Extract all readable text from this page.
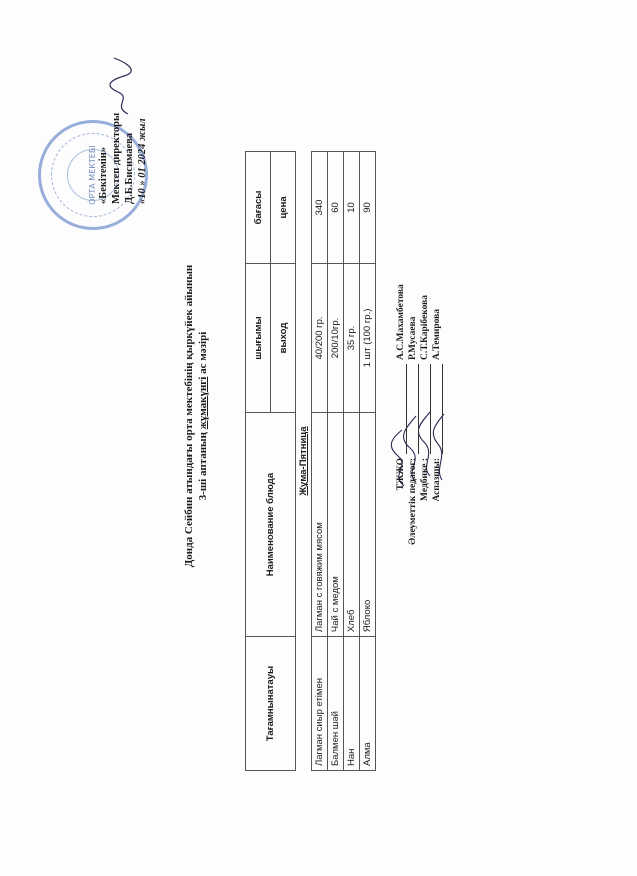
ОРТА МЕКТЕБІ «Бекітемін» Мектеп директоры Д.Б.Бисимаева «10 » 01 2024 жыл
Донда Сейбин атындағы орта мектебінің қыркүйек айынын 3-ші аптаның жұмакүнгі ас мәзірі
Тағамнынатауы	Наименование блюда	шығымы	бағасы
		выход	цена
Жұма-Пятница			
Лагман сиыр етімен	Лагман с говяжим мясом	40/200 гр.	340
Балмен шәй	Чай с медом	200/10гр.	60
Нан	Хлеб	35 гр.	10
Алма	Яблоко	1 шт (100 гр.)	90
ТЖЖО
А.С.Махамбетова
Әлеуметтік педагог:
Р.Мусаева
Медбике :
С.Т.Карібекова
Аспазшы:
А.Темирова
